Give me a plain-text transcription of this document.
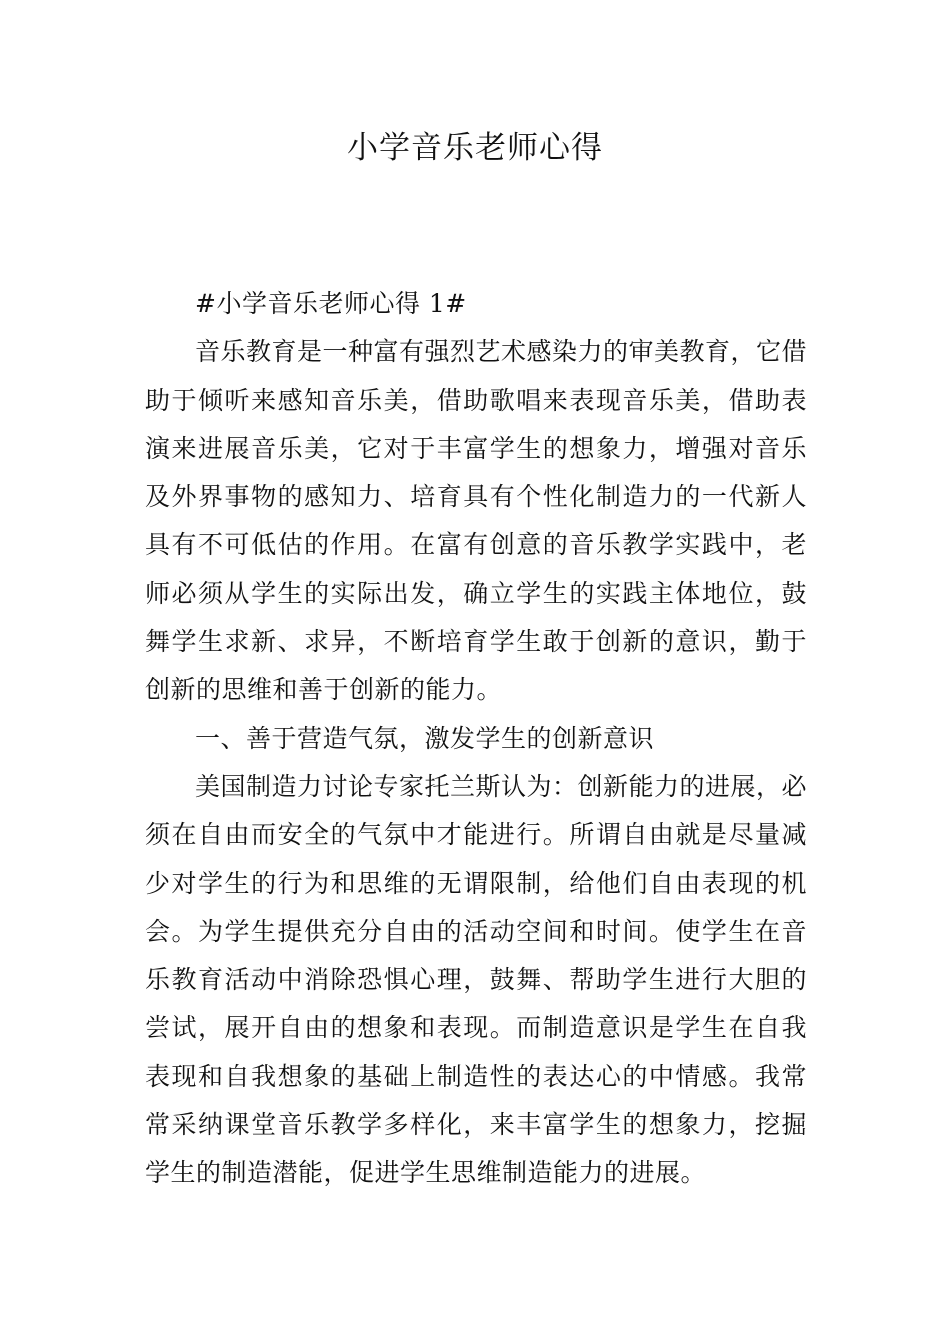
小学音乐老师心得

#小学音乐老师心得 1#

音乐教育是一种富有强烈艺术感染力的审美教育，它借助于倾听来感知音乐美，借助歌唱来表现音乐美，借助表演来进展音乐美，它对于丰富学生的想象力，增强对音乐及外界事物的感知力、培育具有个性化制造力的一代新人具有不可低估的作用。在富有创意的音乐教学实践中，老师必须从学生的实际出发，确立学生的实践主体地位，鼓舞学生求新、求异，不断培育学生敢于创新的意识，勤于创新的思维和善于创新的能力。

一、善于营造气氛，激发学生的创新意识

美国制造力讨论专家托兰斯认为：创新能力的进展，必须在自由而安全的气氛中才能进行。所谓自由就是尽量减少对学生的行为和思维的无谓限制，给他们自由表现的机会。为学生提供充分自由的活动空间和时间。使学生在音乐教育活动中消除恐惧心理，鼓舞、帮助学生进行大胆的尝试，展开自由的想象和表现。而制造意识是学生在自我表现和自我想象的基础上制造性的表达心的中情感。我常常采纳课堂音乐教学多样化，来丰富学生的想象力，挖掘学生的制造潜能，促进学生思维制造能力的进展。
